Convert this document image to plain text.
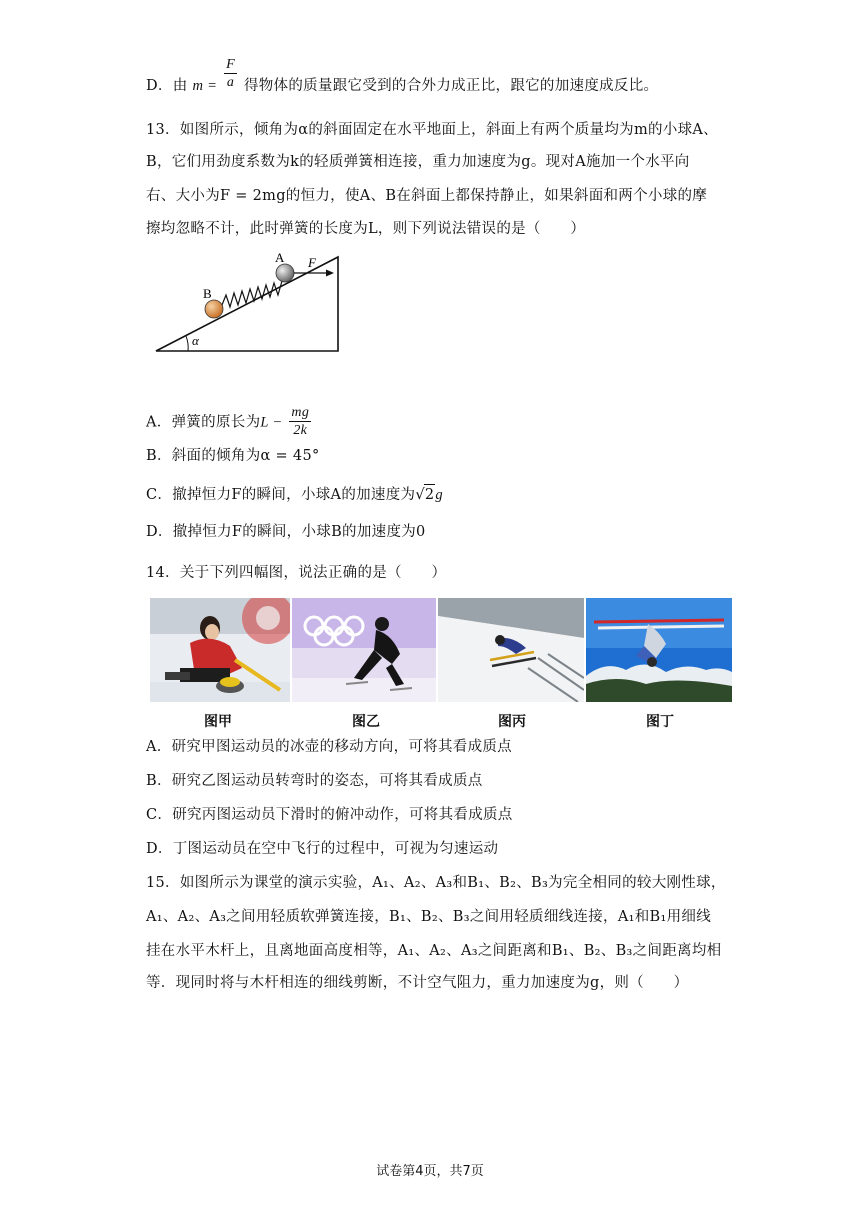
D．由 $m = \frac{F}{a}$ 得物体的质量跟它受到的合外力成正比，跟它的加速度成反比。
13．如图所示，倾角为α的斜面固定在水平地面上，斜面上有两个质量均为m的小球A、
B，它们用劲度系数为k的轻质弹簧相连接，重力加速度为g。现对A施加一个水平向
右、大小为F = 2mg的恒力，使A、B在斜面上都保持静止，如果斜面和两个小球的摩
擦均忽略不计，此时弹簧的长度为L，则下列说法错误的是（　　）
α
B
A F
A．弹簧的原长为$L - \frac{mg}{2k}$
B．斜面的倾角为α = 45°
C．撤掉恒力F的瞬间，小球A的加速度为√2g
D．撤掉恒力F的瞬间，小球B的加速度为0
14．关于下列四幅图，说法正确的是（　　）
图甲	图乙	图丙	图丁
A．研究甲图运动员的冰壶的移动方向，可将其看成质点
B．研究乙图运动员转弯时的姿态，可将其看成质点
C．研究丙图运动员下滑时的俯冲动作，可将其看成质点
D．丁图运动员在空中飞行的过程中，可视为匀速运动
15．如图所示为课堂的演示实验，A₁、A₂、A₃和B₁、B₂、B₃为完全相同的较大刚性球，
A₁、A₂、A₃之间用轻质软弹簧连接，B₁、B₂、B₃之间用轻质细线连接，A₁和B₁用细线
挂在水平木杆上，且离地面高度相等，A₁、A₂、A₃之间距离和B₁、B₂、B₃之间距离均相
等．现同时将与木杆相连的细线剪断，不计空气阻力，重力加速度为g，则（　　）
试卷第4页，共7页
